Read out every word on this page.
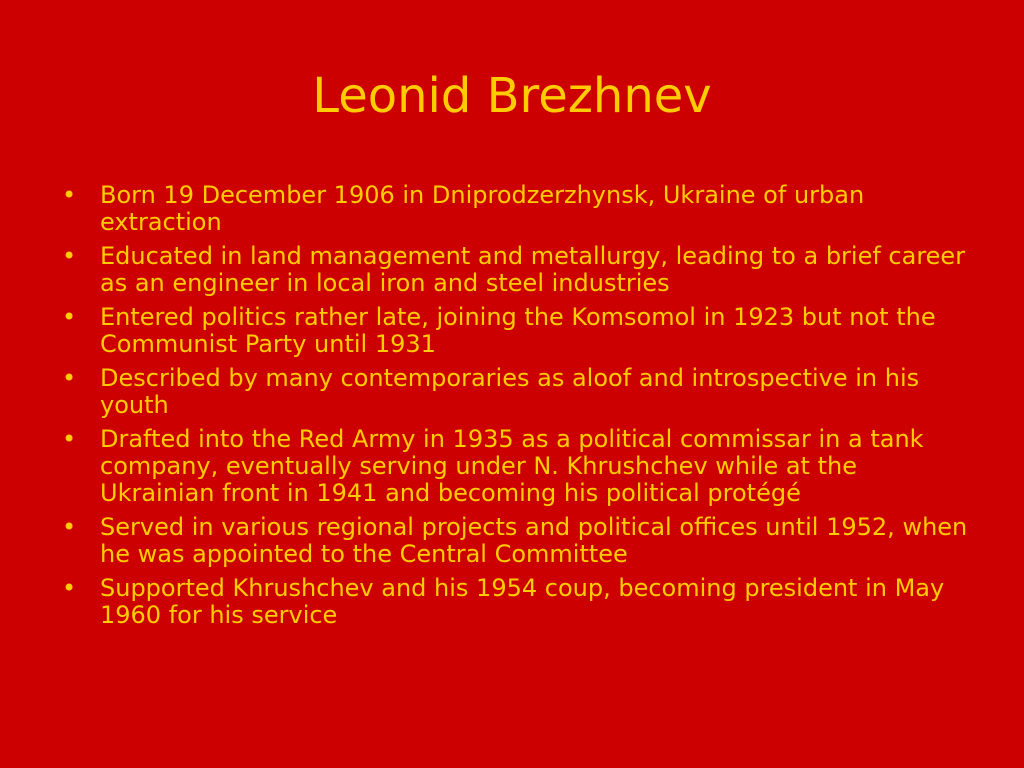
Leonid Brezhnev
• Born 19 December 1906 in Dniprodzerzhynsk, Ukraine of urban extraction
• Educated in land management and metallurgy, leading to a brief career as an engineer in local iron and steel industries
• Entered politics rather late, joining the Komsomol in 1923 but not the Communist Party until 1931
• Described by many contemporaries as aloof and introspective in his youth
• Drafted into the Red Army in 1935 as a political commissar in a tank company, eventually serving under N. Khrushchev while at the Ukrainian front in 1941 and becoming his political protégé
• Served in various regional projects and political offices until 1952, when he was appointed to the Central Committee
• Supported Khrushchev and his 1954 coup, becoming president in May 1960 for his service
